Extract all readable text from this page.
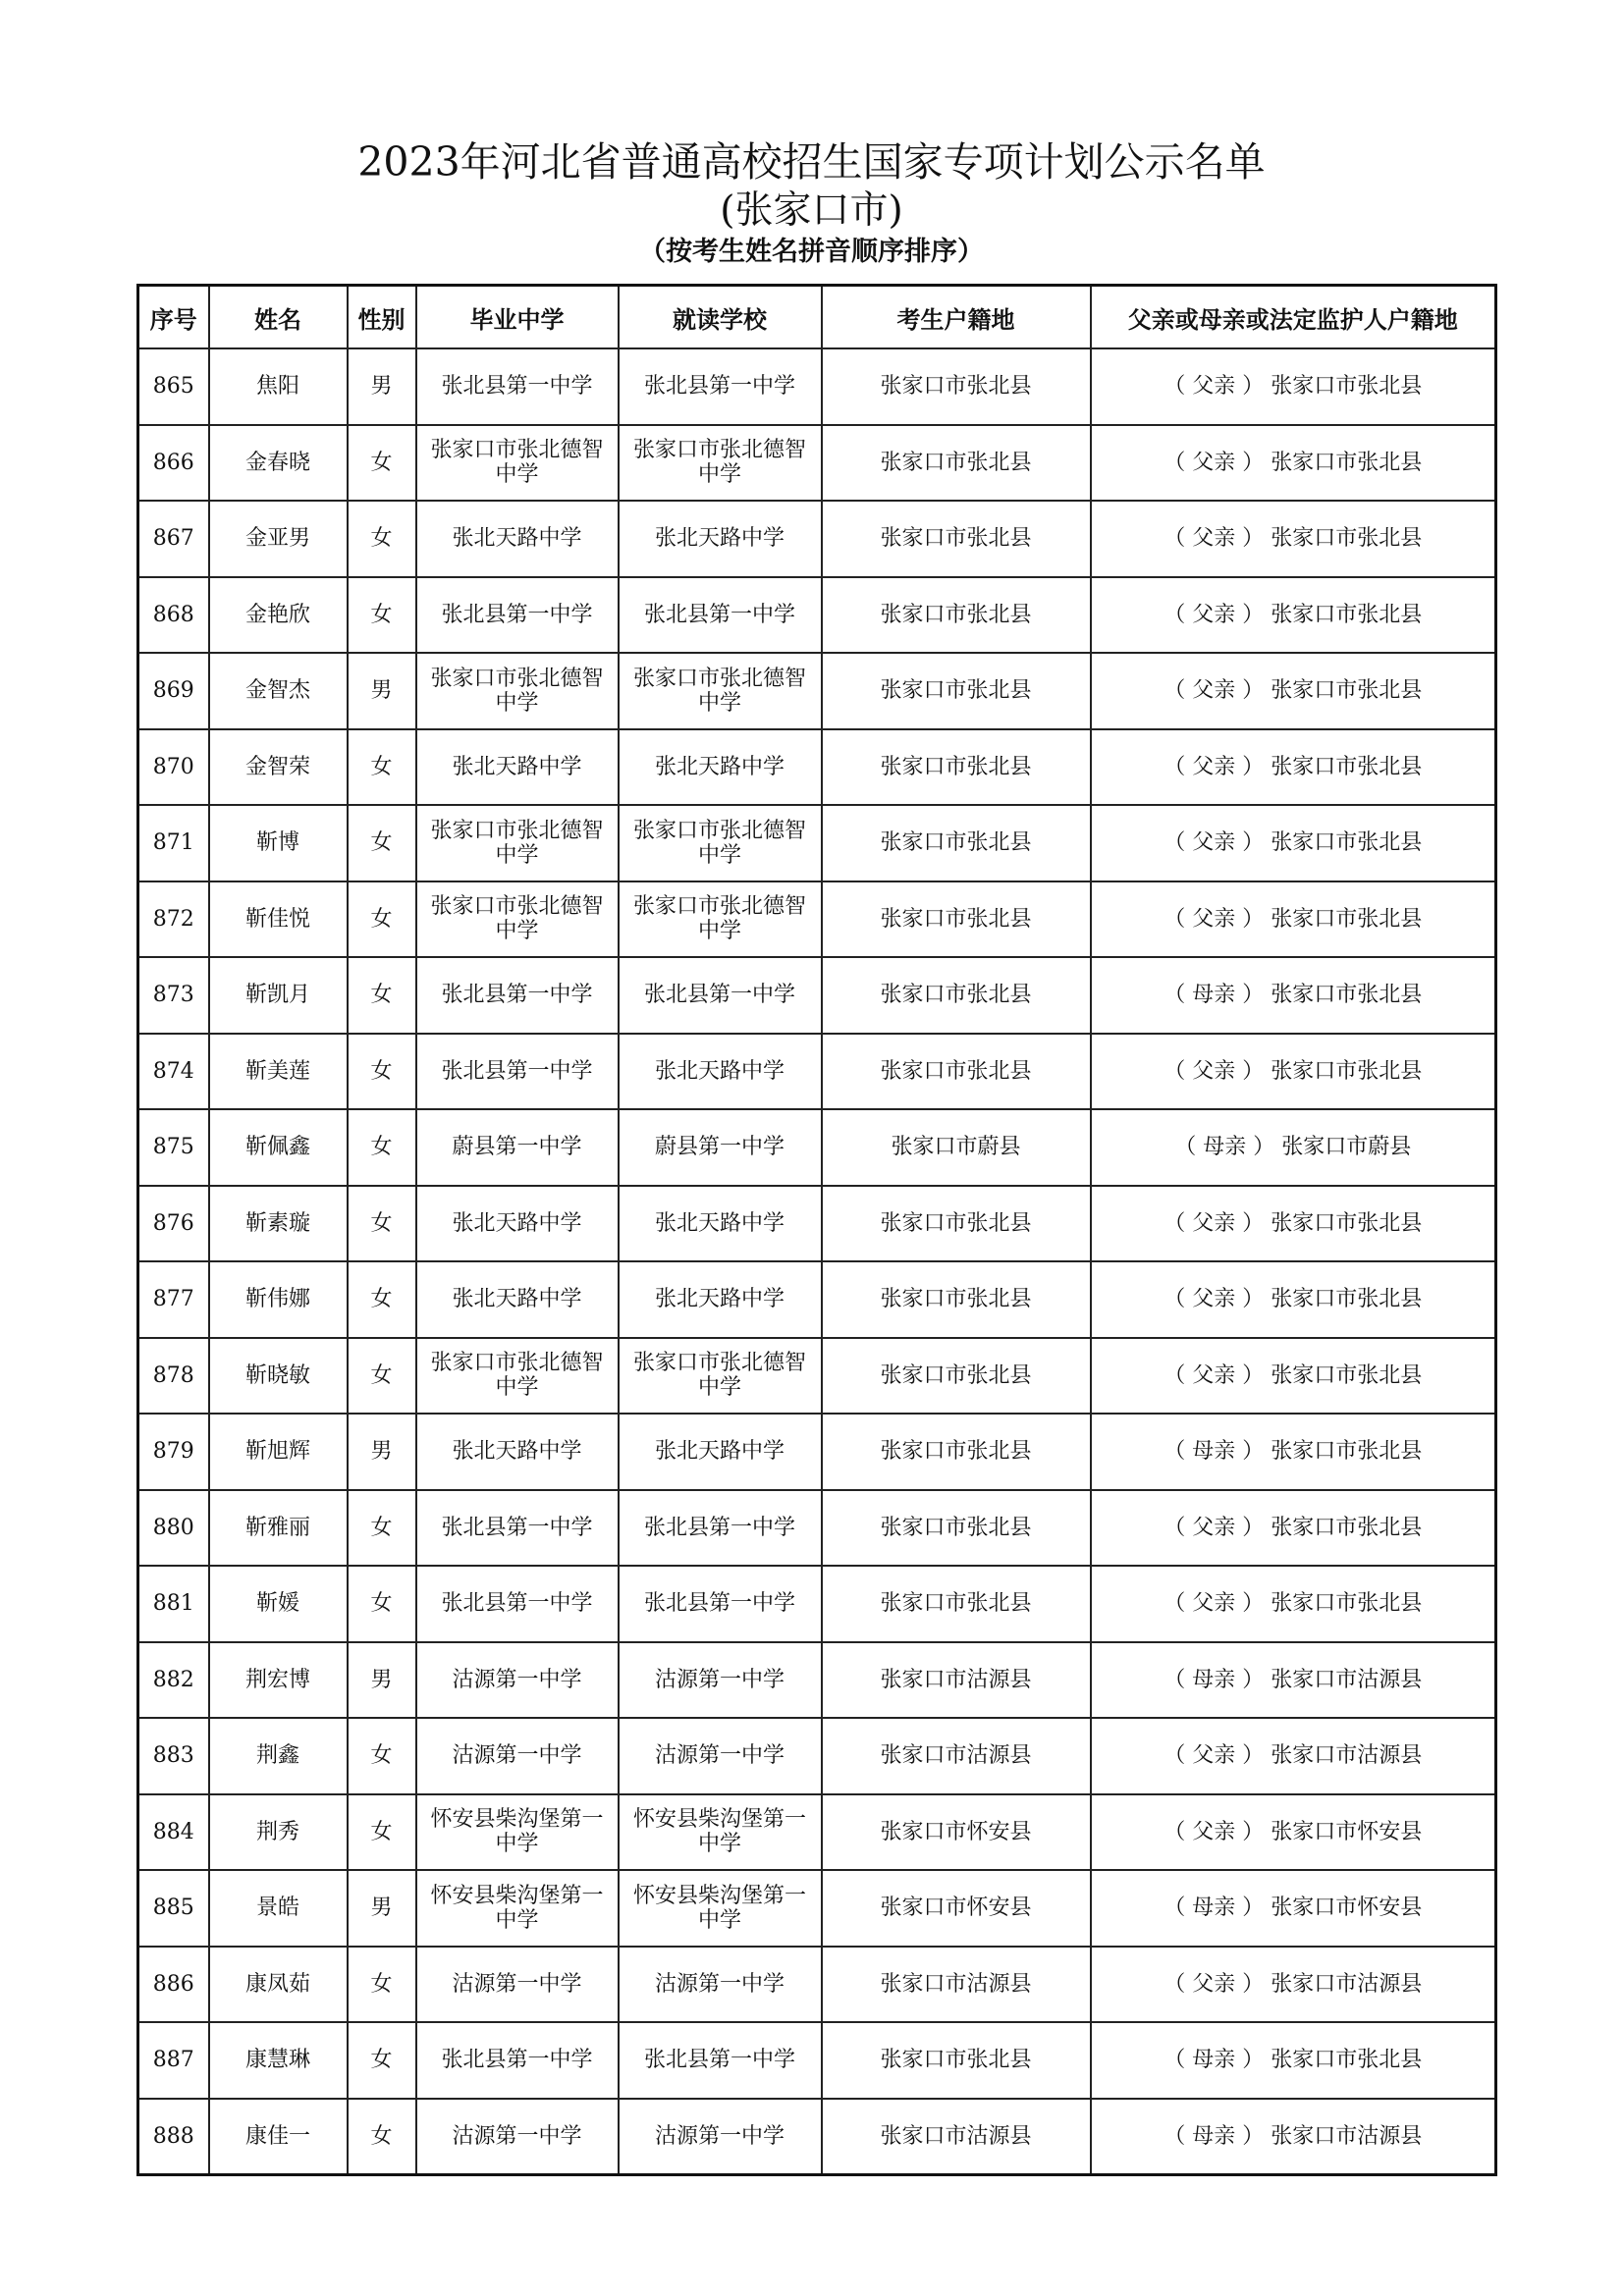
2023年河北省普通高校招生国家专项计划公示名单
(张家口市)
（按考生姓名拼音顺序排序）
序号	姓名	性别	毕业中学	就读学校	考生户籍地	父亲或母亲或法定监护人户籍地
865	焦阳	男	张北县第一中学	张北县第一中学	张家口市张北县	（ 父亲 ） 张家口市张北县
866	金春晓	女	张家口市张北德智中学	张家口市张北德智中学	张家口市张北县	（ 父亲 ） 张家口市张北县
867	金亚男	女	张北天路中学	张北天路中学	张家口市张北县	（ 父亲 ） 张家口市张北县
868	金艳欣	女	张北县第一中学	张北县第一中学	张家口市张北县	（ 父亲 ） 张家口市张北县
869	金智杰	男	张家口市张北德智中学	张家口市张北德智中学	张家口市张北县	（ 父亲 ） 张家口市张北县
870	金智荣	女	张北天路中学	张北天路中学	张家口市张北县	（ 父亲 ） 张家口市张北县
871	靳博	女	张家口市张北德智中学	张家口市张北德智中学	张家口市张北县	（ 父亲 ） 张家口市张北县
872	靳佳悦	女	张家口市张北德智中学	张家口市张北德智中学	张家口市张北县	（ 父亲 ） 张家口市张北县
873	靳凯月	女	张北县第一中学	张北县第一中学	张家口市张北县	（ 母亲 ） 张家口市张北县
874	靳美莲	女	张北县第一中学	张北天路中学	张家口市张北县	（ 父亲 ） 张家口市张北县
875	靳佩鑫	女	蔚县第一中学	蔚县第一中学	张家口市蔚县	（ 母亲 ） 张家口市蔚县
876	靳素璇	女	张北天路中学	张北天路中学	张家口市张北县	（ 父亲 ） 张家口市张北县
877	靳伟娜	女	张北天路中学	张北天路中学	张家口市张北县	（ 父亲 ） 张家口市张北县
878	靳晓敏	女	张家口市张北德智中学	张家口市张北德智中学	张家口市张北县	（ 父亲 ） 张家口市张北县
879	靳旭辉	男	张北天路中学	张北天路中学	张家口市张北县	（ 母亲 ） 张家口市张北县
880	靳雅丽	女	张北县第一中学	张北县第一中学	张家口市张北县	（ 父亲 ） 张家口市张北县
881	靳媛	女	张北县第一中学	张北县第一中学	张家口市张北县	（ 父亲 ） 张家口市张北县
882	荆宏博	男	沽源第一中学	沽源第一中学	张家口市沽源县	（ 母亲 ） 张家口市沽源县
883	荆鑫	女	沽源第一中学	沽源第一中学	张家口市沽源县	（ 父亲 ） 张家口市沽源县
884	荆秀	女	怀安县柴沟堡第一中学	怀安县柴沟堡第一中学	张家口市怀安县	（ 父亲 ） 张家口市怀安县
885	景皓	男	怀安县柴沟堡第一中学	怀安县柴沟堡第一中学	张家口市怀安县	（ 母亲 ） 张家口市怀安县
886	康凤茹	女	沽源第一中学	沽源第一中学	张家口市沽源县	（ 父亲 ） 张家口市沽源县
887	康慧琳	女	张北县第一中学	张北县第一中学	张家口市张北县	（ 母亲 ） 张家口市张北县
888	康佳一	女	沽源第一中学	沽源第一中学	张家口市沽源县	（ 母亲 ） 张家口市沽源县
